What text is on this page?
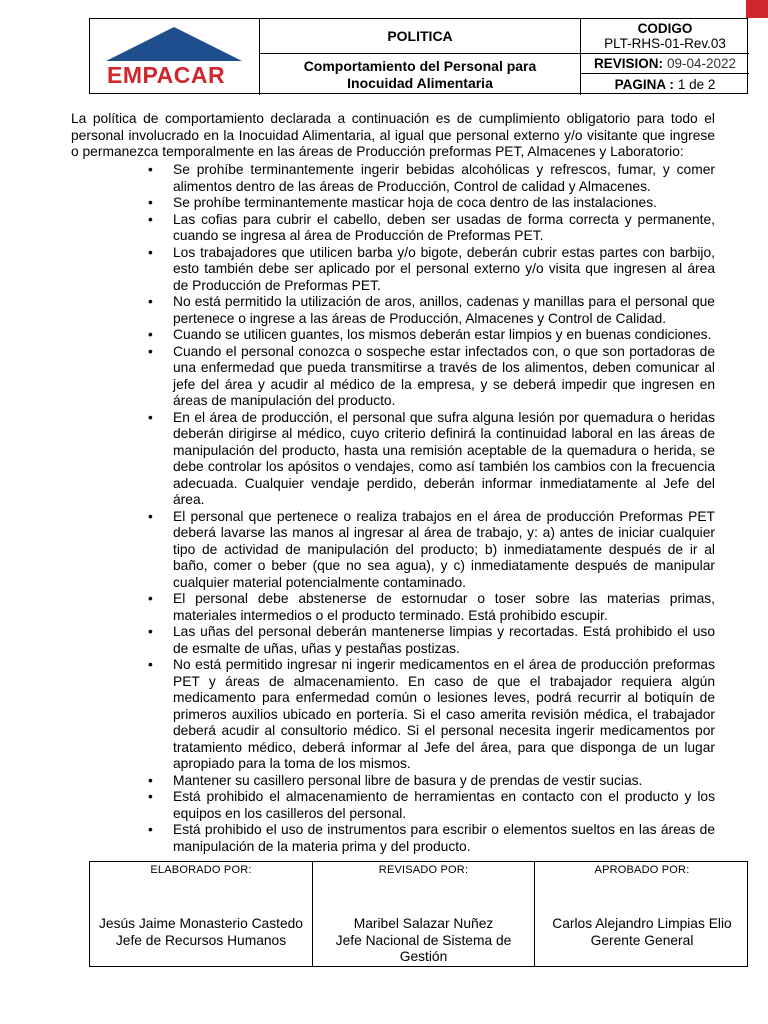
EMPACAR
POLITICA	CODIGO
PLT-RHS-01-Rev.03
Comportamiento del Personal para Inocuidad Alimentaria
REVISION: 09-04-2022
PAGINA : 1 de 2

La política de comportamiento declarada a continuación es de cumplimiento obligatorio para todo el personal involucrado en la Inocuidad Alimentaria, al igual que personal externo y/o visitante que ingrese o permanezca temporalmente en las áreas de Producción preformas PET, Almacenes y Laboratorio:

• Se prohíbe terminantemente ingerir bebidas alcohólicas y refrescos, fumar, y comer alimentos dentro de las áreas de Producción, Control de calidad y Almacenes.
• Se prohíbe terminantemente masticar hoja de coca dentro de las instalaciones.
• Las cofias para cubrir el cabello, deben ser usadas de forma correcta y permanente, cuando se ingresa al área de Producción de Preformas PET.
• Los trabajadores que utilicen barba y/o bigote, deberán cubrir estas partes con barbijo, esto también debe ser aplicado por el personal externo y/o visita que ingresen al área de Producción de Preformas PET.
• No está permitido la utilización de aros, anillos, cadenas y manillas para el personal que pertenece o ingrese a las áreas de Producción, Almacenes y Control de Calidad.
• Cuando se utilicen guantes, los mismos deberán estar limpios y en buenas condiciones.
• Cuando el personal conozca o sospeche estar infectados con, o que son portadoras de una enfermedad que pueda transmitirse a través de los alimentos, deben comunicar al jefe del área y acudir al médico de la empresa, y se deberá impedir que ingresen en áreas de manipulación del producto.
• En el área de producción, el personal que sufra alguna lesión por quemadura o heridas deberán dirigirse al médico, cuyo criterio definirá la continuidad laboral en las áreas de manipulación del producto, hasta una remisión aceptable de la quemadura o herida, se debe controlar los apósitos o vendajes, como así también los cambios con la frecuencia adecuada. Cualquier vendaje perdido, deberán informar inmediatamente al Jefe del área.
• El personal que pertenece o realiza trabajos en el área de producción Preformas PET deberá lavarse las manos al ingresar al área de trabajo, y: a) antes de iniciar cualquier tipo de actividad de manipulación del producto; b) inmediatamente después de ir al baño, comer o beber (que no sea agua), y c) inmediatamente después de manipular cualquier material potencialmente contaminado.
• El personal debe abstenerse de estornudar o toser sobre las materias primas, materiales intermedios o el producto terminado. Está prohibido escupir.
• Las uñas del personal deberán mantenerse limpias y recortadas. Está prohibido el uso de esmalte de uñas, uñas y pestañas postizas.
• No está permitido ingresar ni ingerir medicamentos en el área de producción preformas PET y áreas de almacenamiento. En caso de que el trabajador requiera algún medicamento para enfermedad común o lesiones leves, podrá recurrir al botiquín de primeros auxilios ubicado en portería. Si el caso amerita revisión médica, el trabajador deberá acudir al consultorio médico. Si el personal necesita ingerir medicamentos por tratamiento médico, deberá informar al Jefe del área, para que disponga de un lugar apropiado para la toma de los mismos.
• Mantener su casillero personal libre de basura y de prendas de vestir sucias.
• Está prohibido el almacenamiento de herramientas en contacto con el producto y los equipos en los casilleros del personal.
• Está prohibido el uso de instrumentos para escribir o elementos sueltos en las áreas de manipulación de la materia prima y del producto.
ELABORADO POR:
Jesús Jaime Monasterio Castedo
Jefe de Recursos Humanos
REVISADO POR:
Maribel Salazar Nuñez
Jefe Nacional de Sistema de Gestión
APROBADO POR:
Carlos Alejandro Limpias Elio
Gerente General
